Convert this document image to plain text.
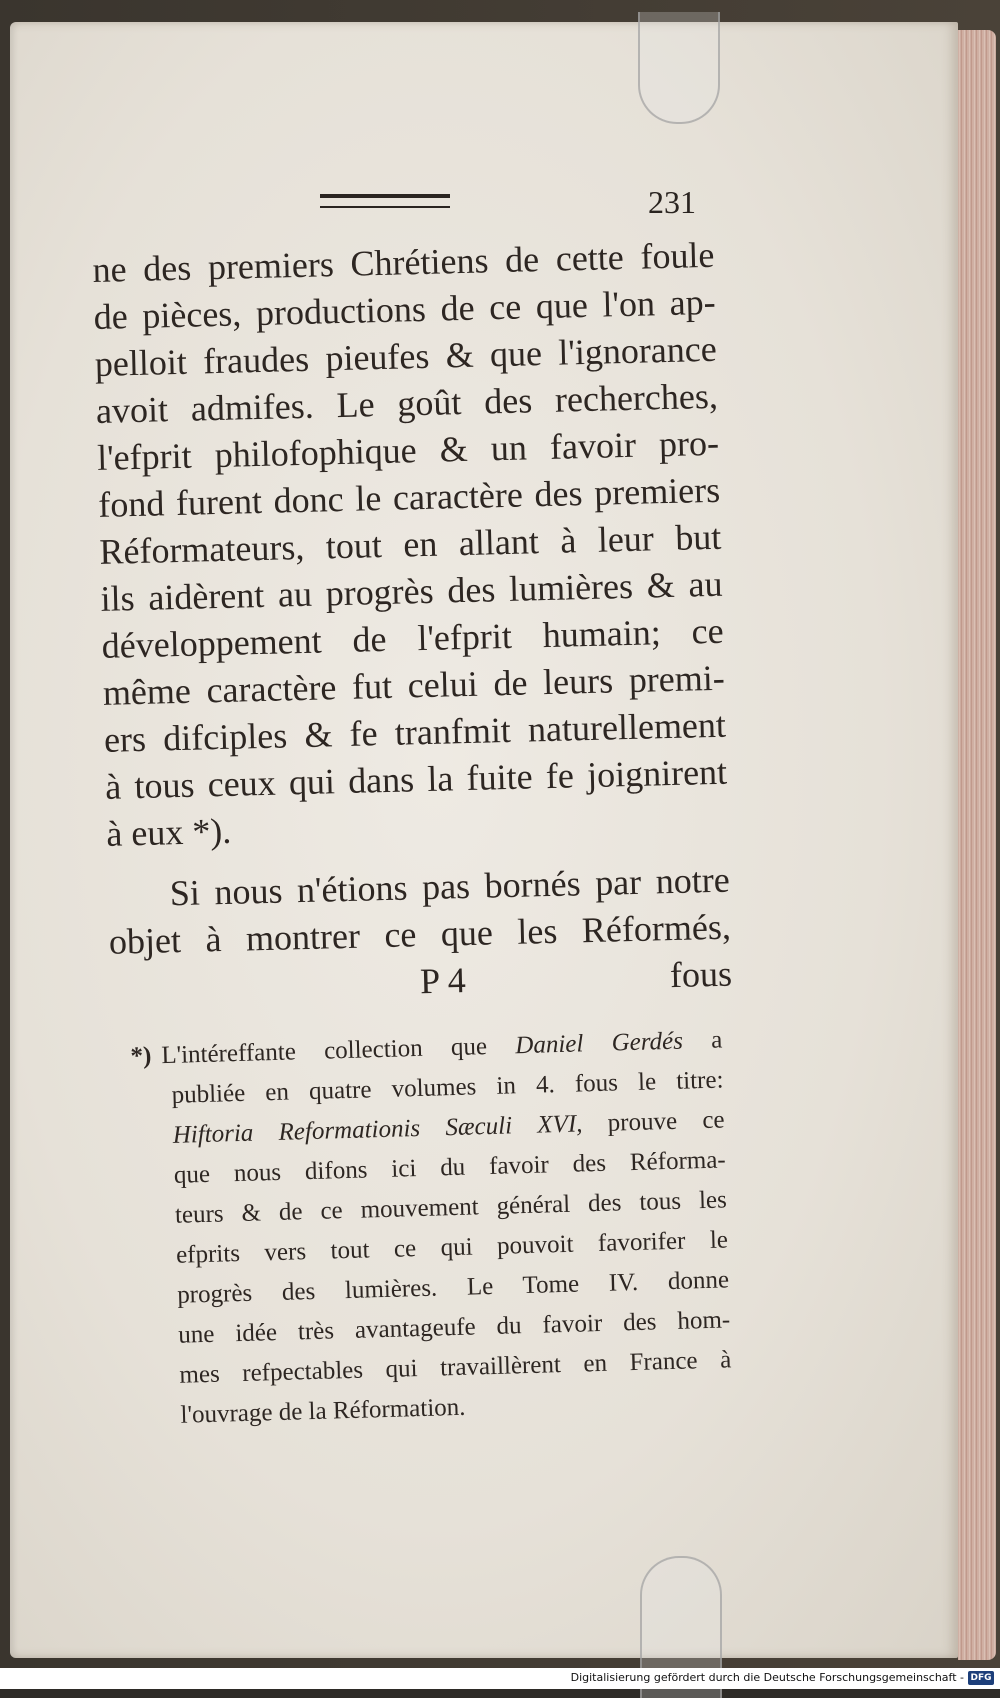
231
ne des premiers Chrétiens de cette foule
de pièces, productions de ce que l'on ap-
pelloit fraudes pieufes & que l'ignorance
avoit admifes. Le goût des recherches,
l'efprit philofophique & un favoir pro-
fond furent donc le caractère des premiers
Réformateurs, tout en allant à leur but
ils aidèrent au progrès des lumières & au
développement de l'efprit humain; ce
même caractère fut celui de leurs premi-
ers difciples & fe tranfmit naturellement
à tous ceux qui dans la fuite fe joignirent
à eux *).
Si nous n'étions pas bornés par notre
objet à montrer ce que les Réformés,
P 4	fous
*) L'intéreffante collection que Daniel Gerdés a
publiée en quatre volumes in 4. fous le titre:
Hiftoria Reformationis Sæculi XVI, prouve ce
que nous difons ici du favoir des Réforma-
teurs & de ce mouvement général des tous les
efprits vers tout ce qui pouvoit favorifer le
progrès des lumières. Le Tome IV. donne
une idée très avantageufe du favoir des hom-
mes refpectables qui travaillèrent en France à
l'ouvrage de la Réformation.
Digitalisierung gefördert durch die Deutsche Forschungsgemeinschaft - DFG
